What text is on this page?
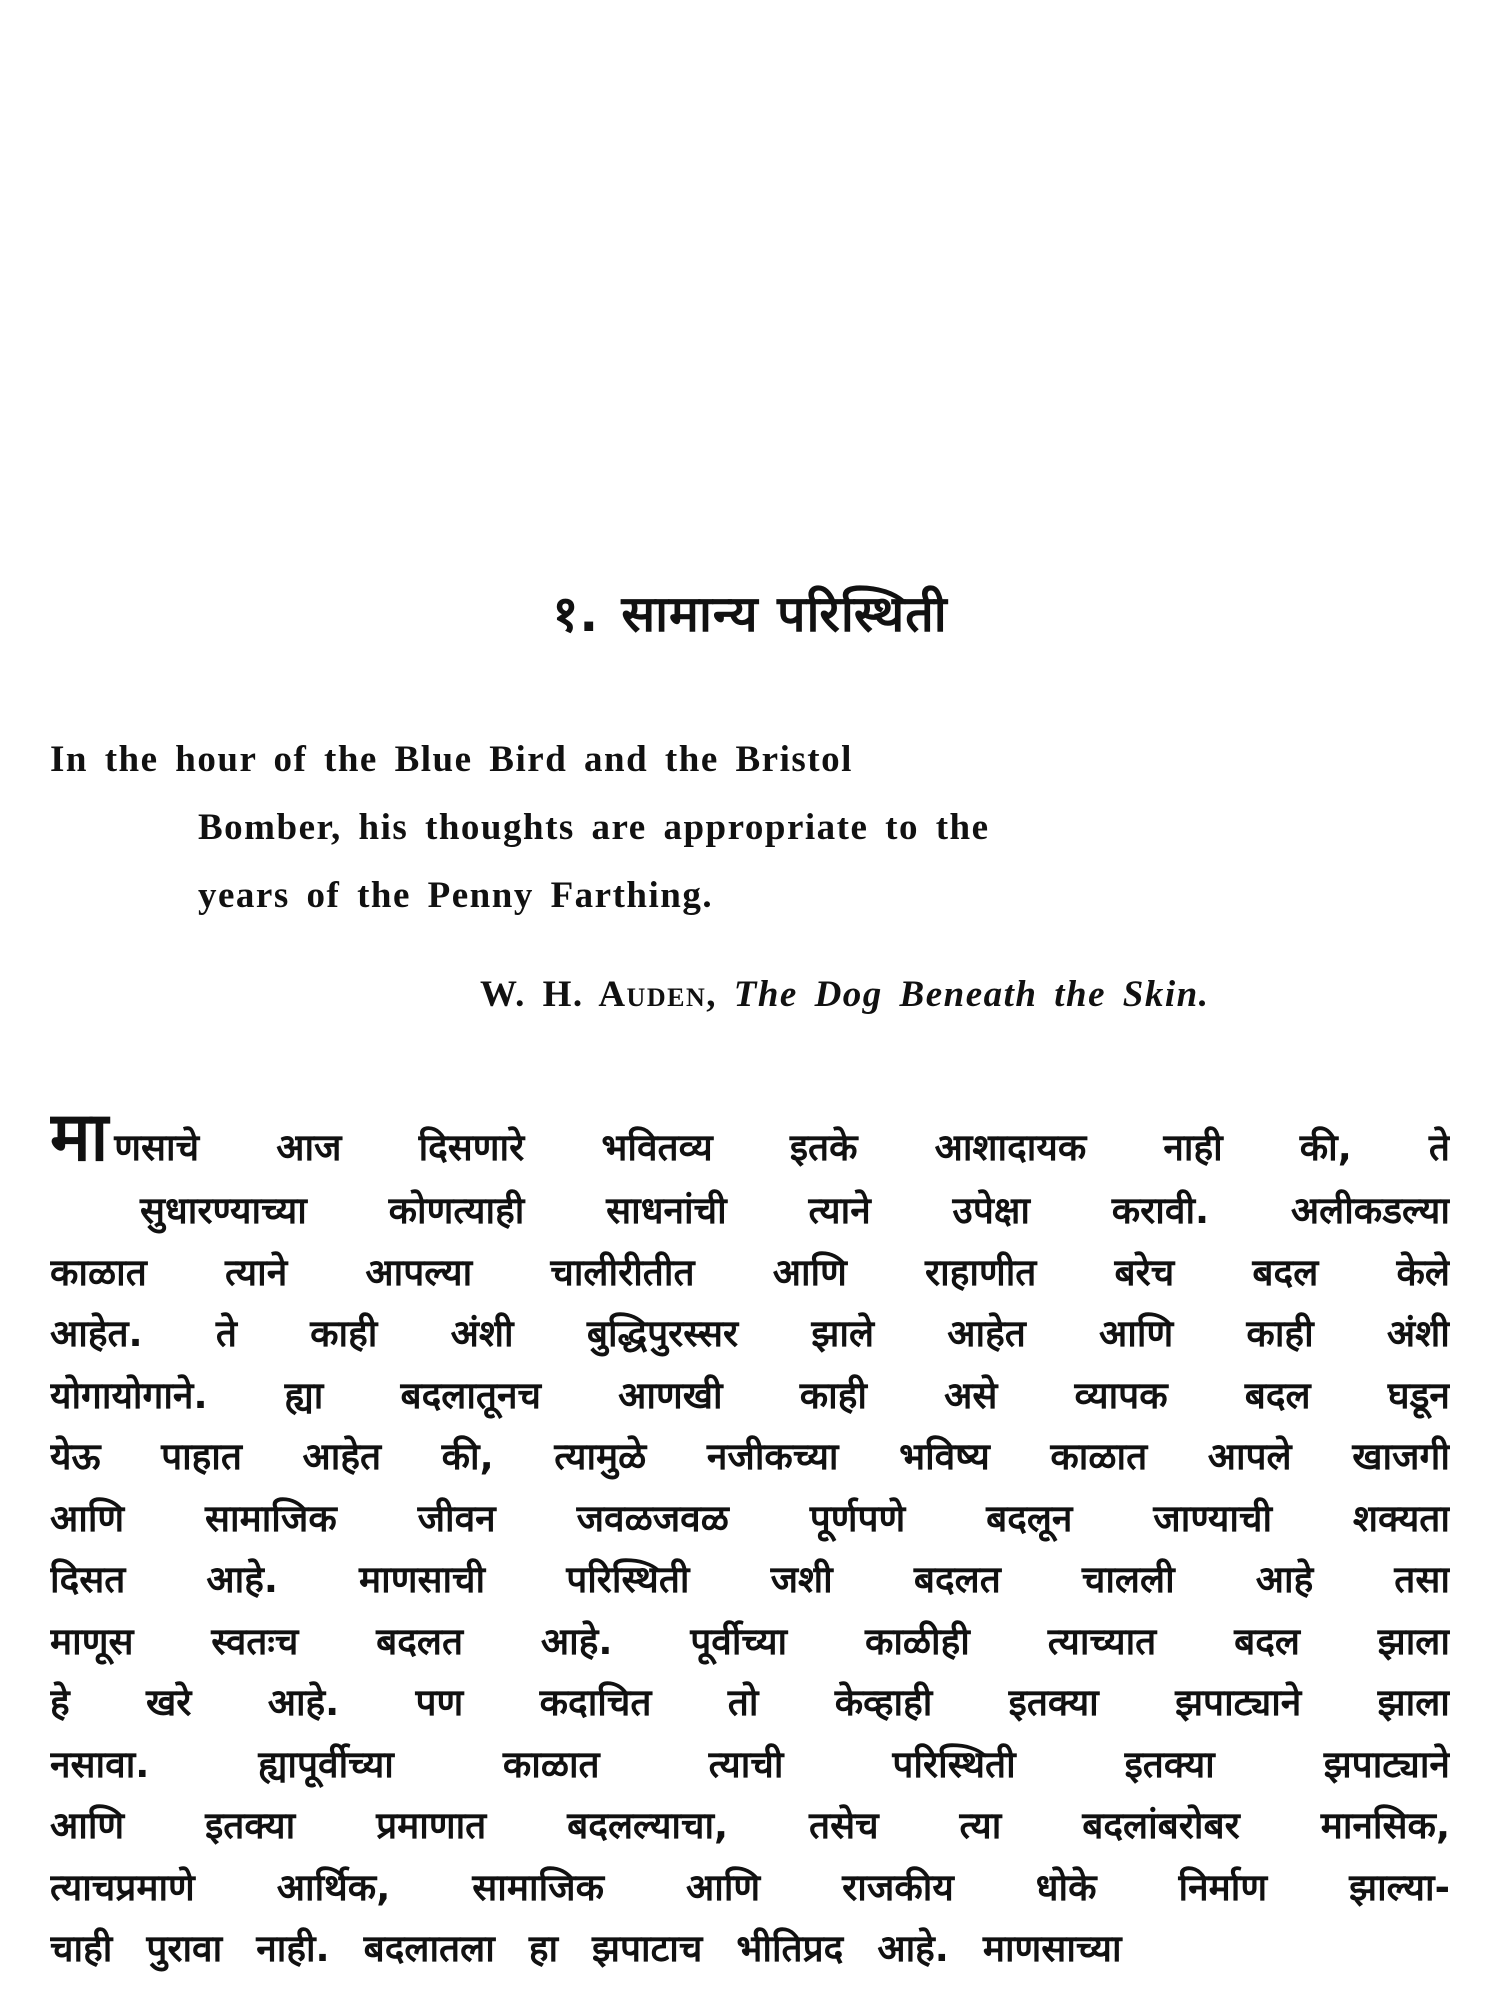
१. सामान्य परिस्थिती
In the hour of the Blue Bird and the Bristol
Bomber, his thoughts are appropriate to the
years of the Penny Farthing.
W. H. Auden, The Dog Beneath the Skin.
मा णसाचे आज दिसणारे भवितव्य इतके आशादायक नाही की, ते
सुधारण्याच्या कोणत्याही साधनांची त्याने उपेक्षा करावी. अलीकडल्या
काळात त्याने आपल्या चालीरीतीत आणि राहाणीत बरेच बदल केले
आहेत. ते काही अंशी बुद्धिपुरस्सर झाले आहेत आणि काही अंशी
योगायोगाने. ह्या बदलातूनच आणखी काही असे व्यापक बदल घडून
येऊ पाहात आहेत की, त्यामुळे नजीकच्या भविष्य काळात आपले खाजगी
आणि सामाजिक जीवन जवळजवळ पूर्णपणे बदलून जाण्याची शक्यता
दिसत आहे. माणसाची परिस्थिती जशी बदलत चालली आहे तसा
माणूस स्वतःच बदलत आहे. पूर्वीच्या काळीही त्याच्यात बदल झाला
हे खरे आहे. पण कदाचित तो केव्हाही इतक्या झपाट्याने झाला
नसावा.	ह्यापूर्वीच्या	काळात	त्याची	परिस्थिती	इतक्या	झपाट्याने
आणि इतक्या प्रमाणात बदलल्याचा, तसेच त्या बदलांबरोबर मानसिक,
त्याचप्रमाणे आर्थिक, सामाजिक आणि राजकीय धोके निर्माण झाल्या-
चाही पुरावा नाही. बदलातला हा झपाटाच भीतिप्रद आहे. माणसाच्या
